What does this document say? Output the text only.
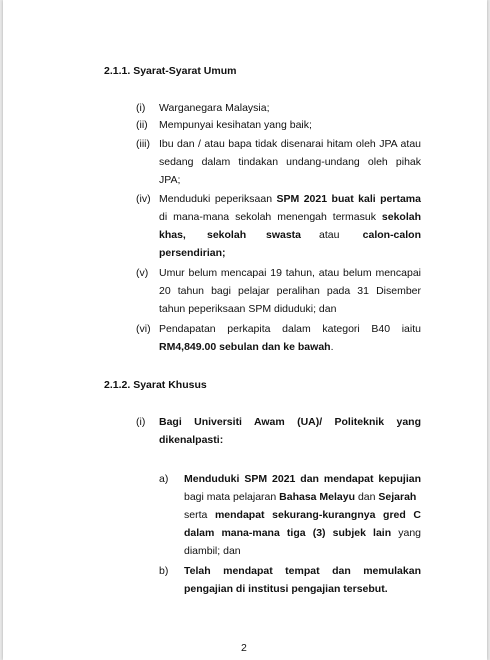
2.1.1. Syarat-Syarat Umum
(i) Warganegara Malaysia;
(ii) Mempunyai kesihatan yang baik;
(iii) Ibu dan / atau bapa tidak disenarai hitam oleh JPA atau
sedang dalam tindakan undang-undang oleh pihak
JPA;
(iv) Menduduki peperiksaan SPM 2021 buat kali pertama
di mana-mana sekolah menengah termasuk sekolah
khas, sekolah swasta atau calon-calon
persendirian;
(v) Umur belum mencapai 19 tahun, atau belum mencapai
20 tahun bagi pelajar peralihan pada 31 Disember
tahun peperiksaan SPM diduduki; dan
(vi) Pendapatan perkapita dalam kategori B40 iaitu
RM4,849.00 sebulan dan ke bawah.
2.1.2. Syarat Khusus
(i) Bagi Universiti Awam (UA)/ Politeknik yang
dikenalpasti:
a) Menduduki SPM 2021 dan mendapat kepujian
bagi mata pelajaran Bahasa Melayu dan Sejarah
serta mendapat sekurang-kurangnya gred C
dalam mana-mana tiga (3) subjek lain yang
diambil; dan
b) Telah mendapat tempat dan memulakan
pengajian di institusi pengajian tersebut.
2
